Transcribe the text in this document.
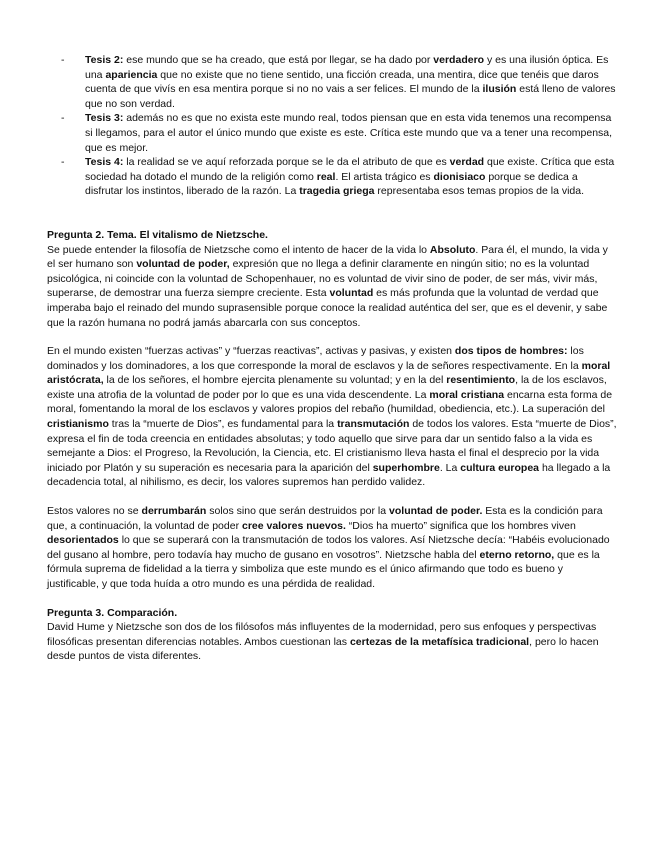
- Tesis 2: ese mundo que se ha creado, que está por llegar, se ha dado por verdadero y es una ilusión óptica. Es una apariencia que no existe que no tiene sentido, una ficción creada, una mentira, dice que tenéis que daros cuenta de que vivís en esa mentira porque si no no vais a ser felices. El mundo de la ilusión está lleno de valores que no son verdad.
- Tesis 3: además no es que no exista este mundo real, todos piensan que en esta vida tenemos una recompensa si llegamos, para el autor el único mundo que existe es este. Crítica este mundo que va a tener una recompensa, que es mejor.
- Tesis 4: la realidad se ve aquí reforzada porque se le da el atributo de que es verdad que existe. Crítica que esta sociedad ha dotado el mundo de la religión como real. El artista trágico es dionisiaco porque se dedica a disfrutar los instintos, liberado de la razón. La tragedia griega representaba esos temas propios de la vida.
Pregunta 2. Tema. El vitalismo de Nietzsche.

Se puede entender la filosofía de Nietzsche como el intento de hacer de la vida lo Absoluto. Para él, el mundo, la vida y el ser humano son voluntad de poder, expresión que no llega a definir claramente en ningún sitio; no es la voluntad psicológica, ni coincide con la voluntad de Schopenhauer, no es voluntad de vivir sino de poder, de ser más, vivir más, superarse, de demostrar una fuerza siempre creciente. Esta voluntad es más profunda que la voluntad de verdad que imperaba bajo el reinado del mundo suprasensible porque conoce la realidad auténtica del ser, que es el devenir, y sabe que la razón humana no podrá jamás abarcarla con sus conceptos.

En el mundo existen “fuerzas activas” y “fuerzas reactivas”, activas y pasivas, y existen dos tipos de hombres: los dominados y los dominadores, a los que corresponde la moral de esclavos y la de señores respectivamente. En la moral aristócrata, la de los señores, el hombre ejercita plenamente su voluntad; y en la del resentimiento, la de los esclavos, existe una atrofia de la voluntad de poder por lo que es una vida descendente. La moral cristiana encarna esta forma de moral, fomentando la moral de los esclavos y valores propios del rebaño (humildad, obediencia, etc.). La superación del cristianismo tras la “muerte de Dios”, es fundamental para la transmutación de todos los valores. Esta “muerte de Dios”, expresa el fin de toda creencia en entidades absolutas; y todo aquello que sirve para dar un sentido falso a la vida es semejante a Dios: el Progreso, la Revolución, la Ciencia, etc. El cristianismo lleva hasta el final el desprecio por la vida iniciado por Platón y su superación es necesaria para la aparición del superhombre. La cultura europea ha llegado a la decadencia total, al nihilismo, es decir, los valores supremos han perdido validez.

Estos valores no se derrumbarán solos sino que serán destruidos por la voluntad de poder. Esta es la condición para que, a continuación, la voluntad de poder cree valores nuevos. “Dios ha muerto” significa que los hombres viven desorientados lo que se superará con la transmutación de todos los valores. Así Nietzsche decía: “Habéis evolucionado del gusano al hombre, pero todavía hay mucho de gusano en vosotros”. Nietzsche habla del eterno retorno, que es la fórmula suprema de fidelidad a la tierra y simboliza que este mundo es el único afirmando que todo es bueno y justificable, y que toda huída a otro mundo es una pérdida de realidad.

Pregunta 3. Comparación.

David Hume y Nietzsche son dos de los filósofos más influyentes de la modernidad, pero sus enfoques y perspectivas filosóficas presentan diferencias notables. Ambos cuestionan las certezas de la metafísica tradicional, pero lo hacen desde puntos de vista diferentes.
